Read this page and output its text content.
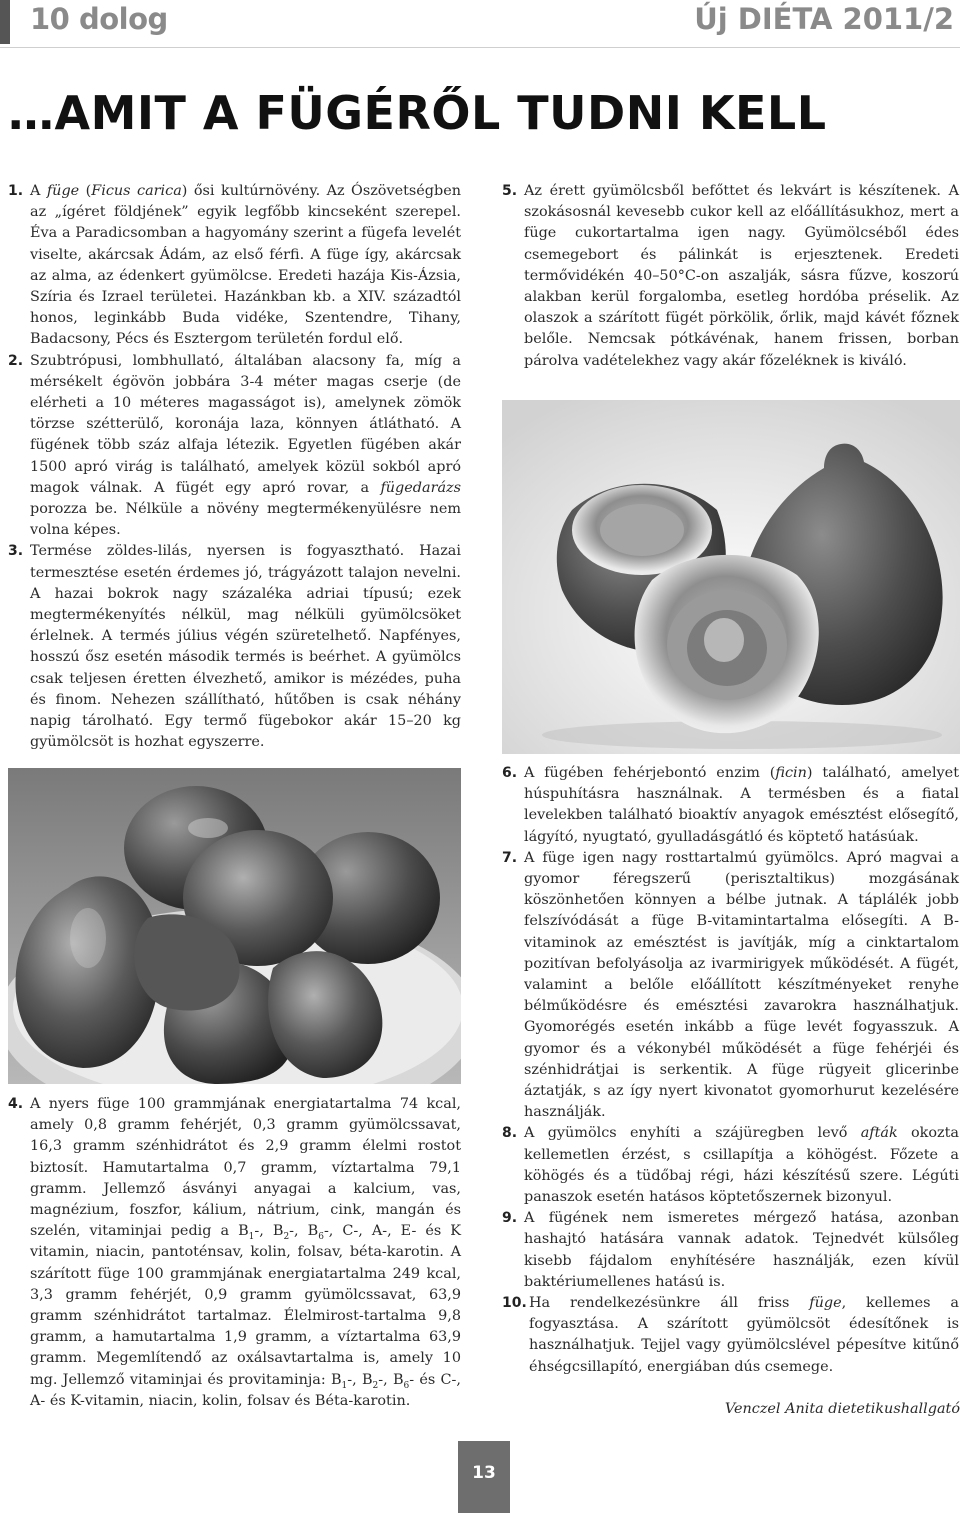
10 dolog	Új DIÉTA 2011/2
…AMIT A FÜGÉRŐL TUDNI KELL
1. A füge (Ficus carica) ősi kultúrnövény. Az Ószövetségben az „ígéret földjének” egyik legfőbb kincseként szerepel. Éva a Paradicsomban a hagyomány szerint a fügefa levelét viselte, akárcsak Ádám, az első férfi. A füge így, akárcsak az alma, az édenkert gyümölcse. Eredeti hazája Kis-Ázsia, Szíria és Izrael területei. Hazánkban kb. a XIV. századtól honos, leginkább Buda vidéke, Szentendre, Tihany, Badacsony, Pécs és Esztergom területén fordul elő.
2. Szubtrópusi, lombhullató, általában alacsony fa, míg a mérsékelt égövön jobbára 3-4 méter magas cserje (de elérheti a 10 méteres magasságot is), amelynek zömök törzse szétterülő, koronája laza, könnyen átlátható. A fügének több száz alfaja létezik. Egyetlen fügében akár 1500 apró virág is található, amelyek közül sokból apró magok válnak. A fügét egy apró rovar, a fügedarázs porozza be. Nélküle a növény megtermékenyülésre nem volna képes.
3. Termése zöldes-lilás, nyersen is fogyasztható. Hazai termesztése esetén érdemes jó, trágyázott talajon nevelni. A hazai bokrok nagy százaléka adriai típusú; ezek megtermékenyítés nélkül, mag nélküli gyümölcsöket érlelnek. A termés július végén szüretelhető. Napfényes, hosszú ősz esetén második termés is beérhet. A gyümölcs csak teljesen éretten élvezhető, amikor is mézédes, puha és finom. Nehezen szállítható, hűtőben is csak néhány napig tárolható. Egy termő fügebokor akár 15–20 kg gyümölcsöt is hozhat egyszerre.
4. A nyers füge 100 grammjának energiatartalma 74 kcal, amely 0,8 gramm fehérjét, 0,3 gramm gyümölcssavat, 16,3 gramm szénhidrátot és 2,9 gramm élelmi rostot biztosít. Hamutartalma 0,7 gramm, víztartalma 79,1 gramm. Jellemző ásványi anyagai a kalcium, vas, magnézium, foszfor, kálium, nátrium, cink, mangán és szelén, vitaminjai pedig a $B_1-$, $B_2-$, $B_6-$, C-, A-, E- és K vitamin, niacin, pantoténsav, kolin, folsav, béta-karotin. A szárított füge 100 grammjának energiatartalma 249 kcal, 3,3 gramm fehérjét, 0,9 gramm gyümölcssavat, 63,9 gramm szénhidrátot tartalmaz. Élelmirost-tartalma 9,8 gramm, a hamutartalma 1,9 gramm, a víztartalma 63,9 gramm. Megemlítendő az oxálsavtartalma is, amely 10 mg. Jellemző vitaminjai és provitaminja: $B_1-$, $B_2-$, $B_6-$ és C-, A- és K-vitamin, niacin, kolin, folsav és Béta-karotin.
5. Az érett gyümölcsből befőttet és lekvárt is készítenek. A szokásosnál kevesebb cukor kell az előállításukhoz, mert a füge cukortartalma igen nagy. Gyümölcséből édes csemegebort és pálinkát is erjesztenek. Eredeti termővidékén 40–50°C-on aszalják, sásra fűzve, koszorú alakban kerül forgalomba, esetleg hordóba préselik. Az olaszok a szárított fügét pörkölik, őrlik, majd kávét főznek belőle. Nemcsak pótkávénak, hanem frissen, borban párolva vadételekhez vagy akár főzeléknek is kiváló.
6. A fügében fehérjebontó enzim (ficin) található, amelyet húspuhításra használnak. A termésben és a fiatal levelekben található bioaktív anyagok emésztést elősegítő, lágyító, nyugtató, gyulladásgátló és köptető hatásúak.
7. A füge igen nagy rosttartalmú gyümölcs. Apró magvai a gyomor féregszerű (perisztaltikus) mozgásának köszönhetően könnyen a bélbe jutnak. A táplálék jobb felszívódását a füge B-vitamintartalma elősegíti. A B-vitaminok az emésztést is javítják, míg a cinktartalom pozitívan befolyásolja az ivarmirigyek működését. A fügét, valamint a belőle előállított készítményeket renyhe bélműködésre és emésztési zavarokra használhatjuk. Gyomorégés esetén inkább a füge levét fogyasszuk. A gyomor és a vékonybél működését a füge fehérjéi és szénhidrátjai is serkentik. A füge rügyeit glicerinbe áztatják, s az így nyert kivonatot gyomorhurut kezelésére használják.
8. A gyümölcs enyhíti a szájüregben levő afták okozta kellemetlen érzést, s csillapítja a köhögést. Főzete a köhögés és a tüdőbaj régi, házi készítésű szere. Légúti panaszok esetén hatásos köptetőszernek bizonyul.
9. A fügének nem ismeretes mérgező hatása, azonban hashajtó hatására vannak adatok. Tejnedvét külsőleg kisebb fájdalom enyhítésére használják, ezen kívül baktériumellenes hatású is.
10. Ha rendelkezésünkre áll friss füge, kellemes a fogyasztása. A szárított gyümölcsöt édesítőnek is használhatjuk. Tejjel vagy gyümölcslével pépesítve kitűnő éhségcsillapító, energiában dús csemege.
Venczel Anita dietetikushallgató
13
